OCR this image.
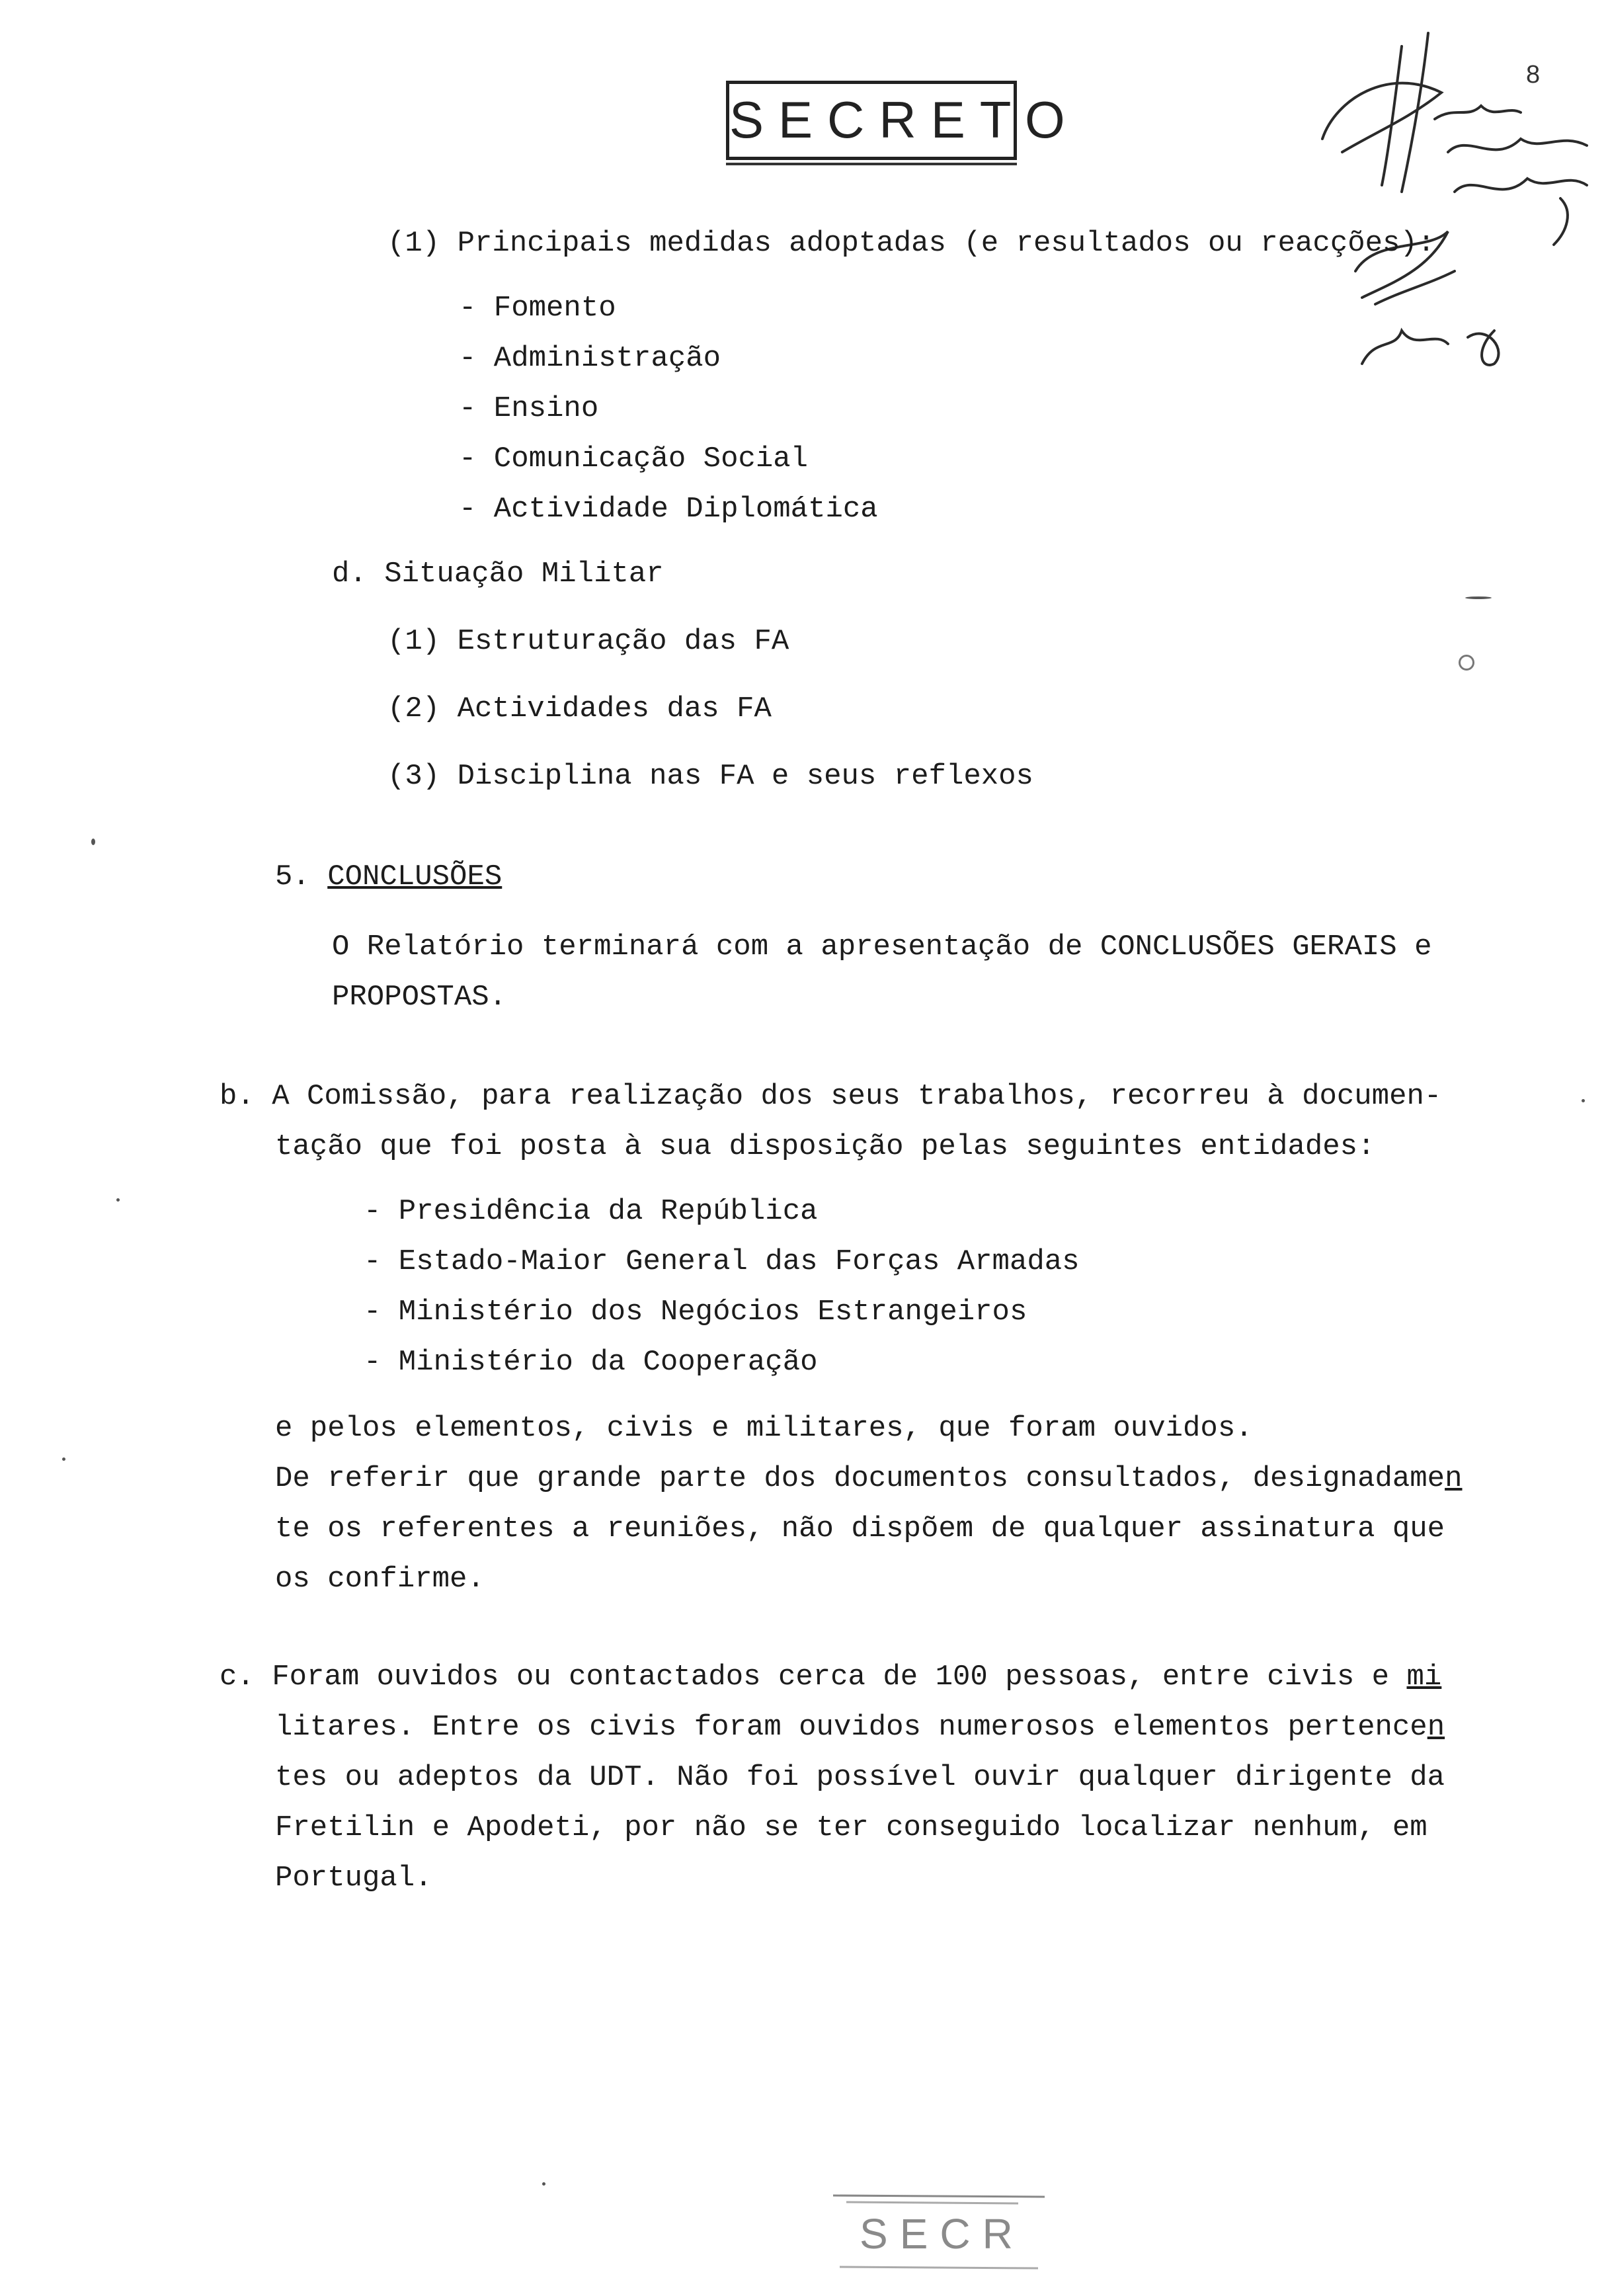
SECRETO
8
(1) Principais medidas adoptadas (e resultados ou reacções):
- Fomento
- Administração
- Ensino
- Comunicação Social
- Actividade Diplomática
d. Situação Militar
(1) Estruturação das FA
(2) Actividades das FA
(3) Disciplina nas FA e seus reflexos
5. CONCLUSÕES
O Relatório terminará com a apresentação de CONCLUSÕES GERAIS e
PROPOSTAS.
b. A Comissão, para realização dos seus trabalhos, recorreu à documen-
tação que foi posta à sua disposição pelas seguintes entidades:
- Presidência da República
- Estado-Maior General das Forças Armadas
- Ministério dos Negócios Estrangeiros
- Ministério da Cooperação
e pelos elementos, civis e militares, que foram ouvidos.
De referir que grande parte dos documentos consultados, designadamen
te os referentes a reuniões, não dispõem de qualquer assinatura que
os confirme.
c. Foram ouvidos ou contactados cerca de 100 pessoas, entre civis e mi
litares. Entre os civis foram ouvidos numerosos elementos pertencen
tes ou adeptos da UDT. Não foi possível ouvir qualquer dirigente da
Fretilin e Apodeti, por não se ter conseguido localizar nenhum, em
Portugal.
SECR
